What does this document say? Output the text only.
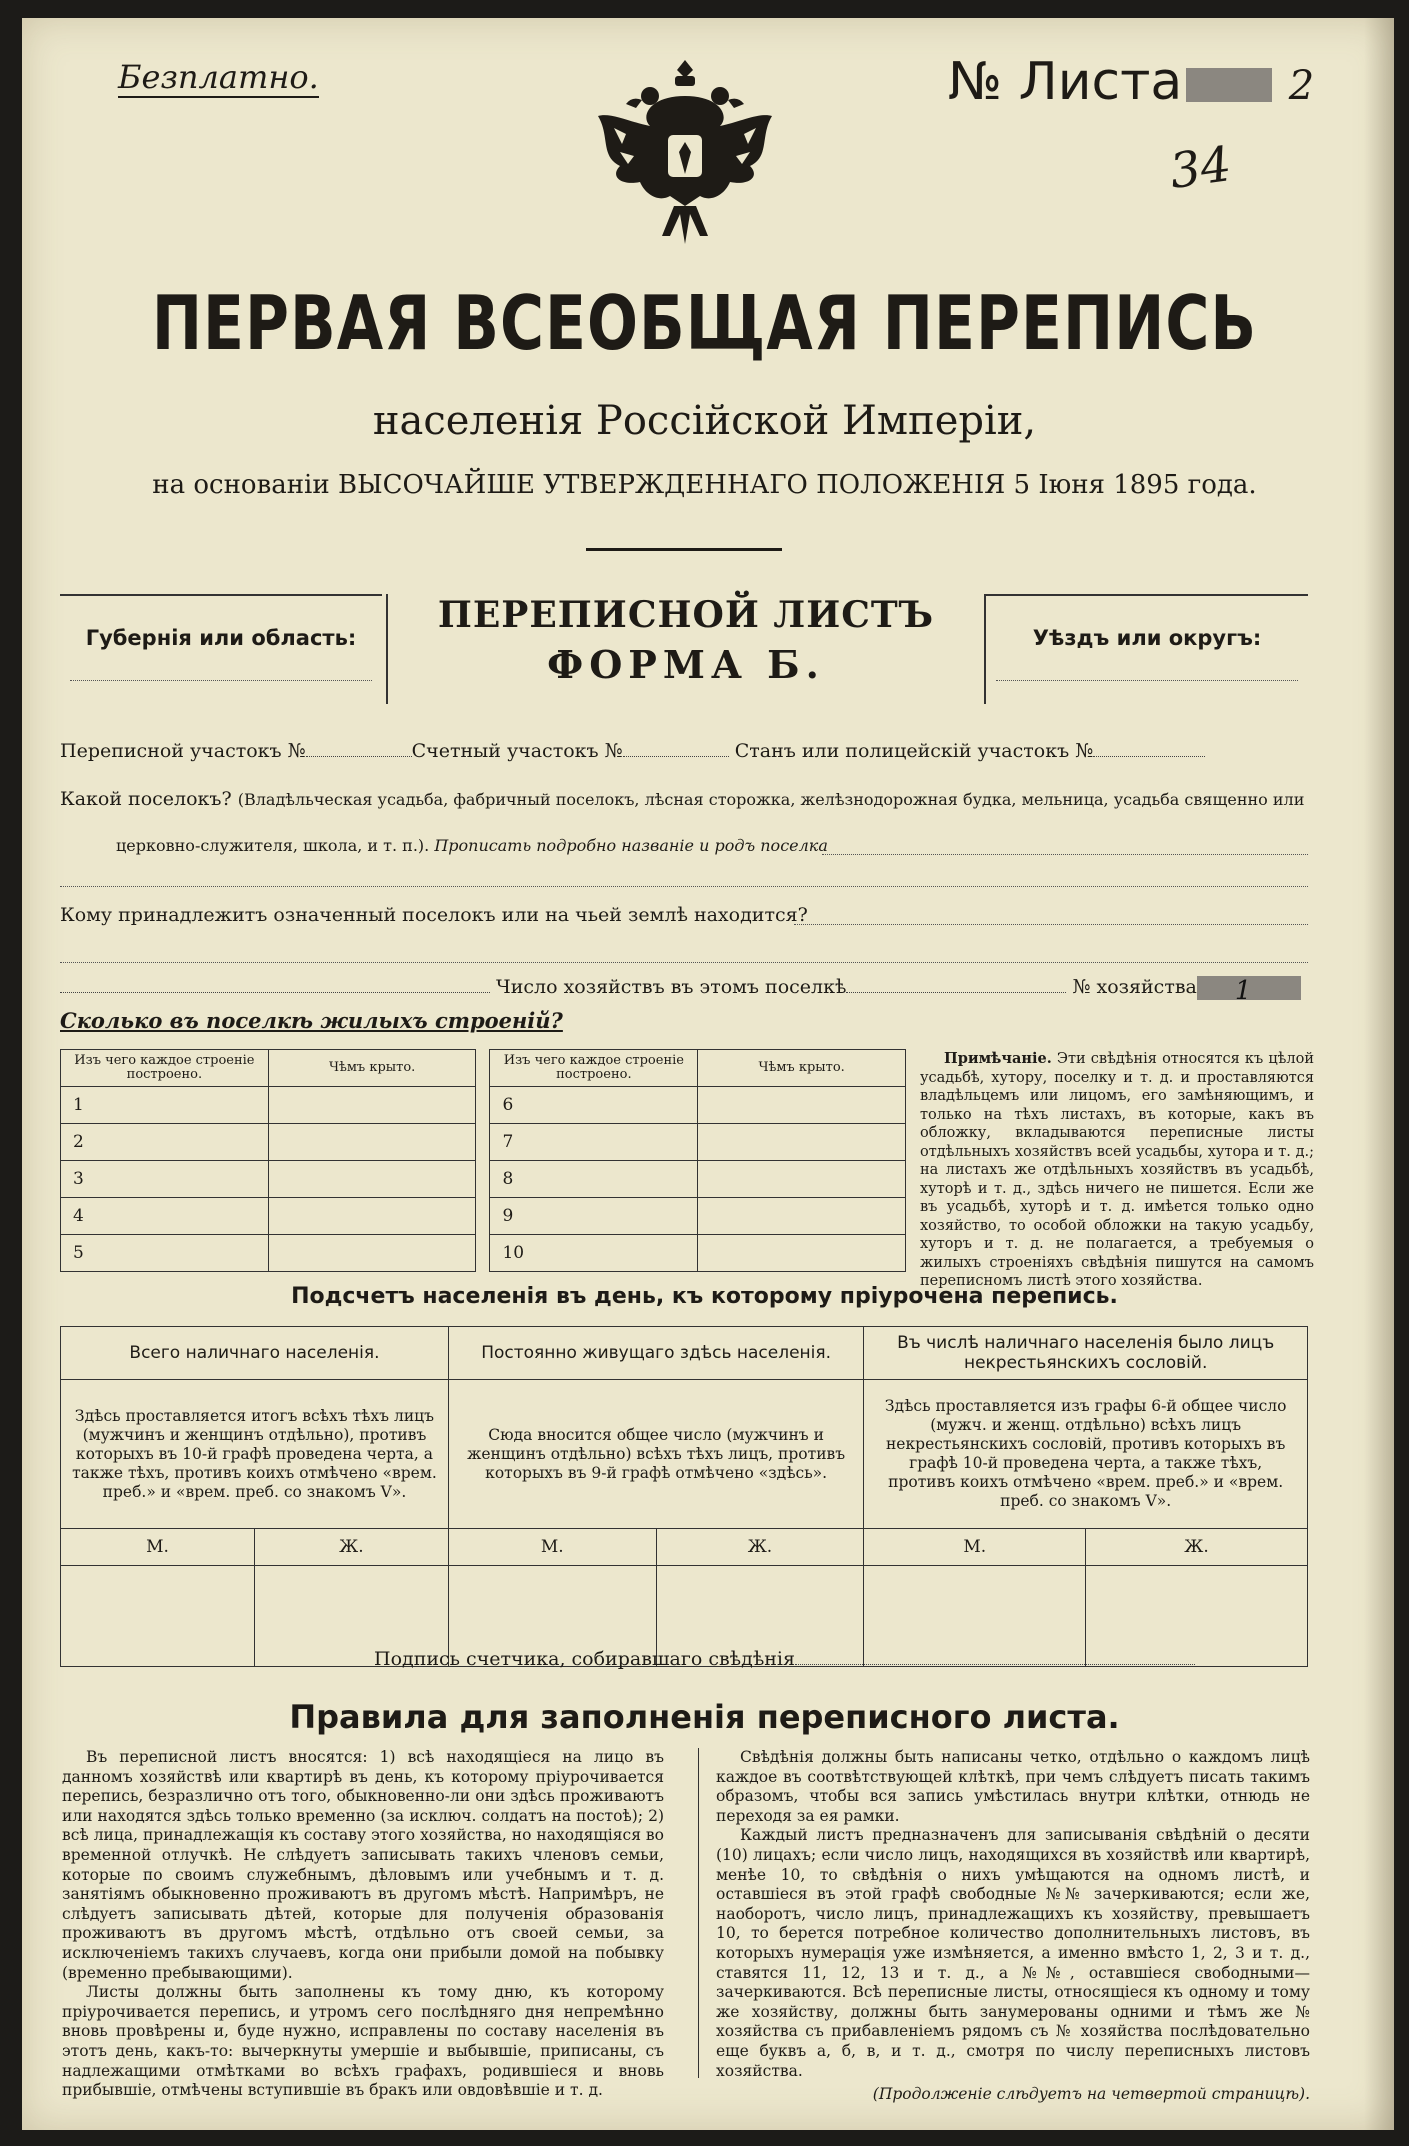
Безплатно.	№ Листа	2
34
ПЕРВАЯ ВСЕОБЩАЯ ПЕРЕПИСЬ
населенія Россійской Имперіи,
на основаніи ВЫСОЧАЙШЕ УТВЕРЖДЕННАГО ПОЛОЖЕНІЯ 5 Іюня 1895 года.
Губернія или область:
ПЕРЕПИСНОЙ ЛИСТЪ
ФОРМА Б.
Уѣздъ или округъ:
Переписной участокъ №	Счетный участокъ №	Станъ или полицейскій участокъ №
Какой поселокъ? (Владѣльческая усадьба, фабричный поселокъ, лѣсная сторожка, желѣзнодорожная будка, мельница, усадьба священно или
церковно-служителя, школа, и т. п.). Прописать подробно названіе и родъ поселка
Кому принадлежитъ означенный поселокъ или на чьей землѣ находится?
Число хозяйствъ въ этомъ поселкѣ	№ хозяйства 1
Сколько въ поселкѣ жилыхъ строеній?
Изъ чего каждое строеніе построено.	Чѣмъ крыто.		Изъ чего каждое строеніе построено.	Чѣмъ крыто.
1			6	
2			7	
3			8	
4			9	
5			10	
Примѣчаніе. Эти свѣдѣнія относятся къ цѣлой усадьбѣ, хутору, поселку и т. д. и проставляются владѣльцемъ или лицомъ, его замѣняющимъ, и только на тѣхъ листахъ, въ которые, какъ въ обложку, вкладываются переписные листы отдѣльныхъ хозяйствъ всей усадьбы, хутора и т. д.; на листахъ же отдѣльныхъ хозяйствъ въ усадьбѣ, хуторѣ и т. д., здѣсь ничего не пишется. Если же въ усадьбѣ, хуторѣ и т. д. имѣется только одно хозяйство, то особой обложки на такую усадьбу, хуторъ и т. д. не полагается, а требуемыя о жилыхъ строеніяхъ свѣдѣнія пишутся на самомъ переписномъ листѣ этого хозяйства.
Подсчетъ населенія въ день, къ которому пріурочена перепись.
Всего наличнаго населенія.		Постоянно живущаго здѣсь населенія.		Въ числѣ наличнаго населенія было лицъ некрестьянскихъ сословій.	
Здѣсь проставляется итогъ всѣхъ тѣхъ лицъ (мужчинъ и женщинъ отдѣльно), противъ которыхъ въ 10-й графѣ проведена черта, а также тѣхъ, противъ коихъ отмѣчено «врем. преб.» и «врем. преб. со знакомъ V».		Сюда вносится общее число (мужчинъ и женщинъ отдѣльно) всѣхъ тѣхъ лицъ, противъ которыхъ въ 9-й графѣ отмѣчено «здѣсь».		Здѣсь проставляется изъ графы 6-й общее число (мужч. и женщ. отдѣльно) всѣхъ лицъ некрестьянскихъ сословій, противъ которыхъ въ графѣ 10-й проведена черта, а также тѣхъ, противъ коихъ отмѣчено «врем. преб.» и «врем. преб. со знакомъ V».	
М.	Ж.	М.	Ж.	М.	Ж.

Подпись счетчика, собиравшаго свѣдѣнія
Правила для заполненія переписного листа.

Въ переписной листъ вносятся: 1) всѣ находящіеся на лицо въ данномъ хозяйствѣ или квартирѣ въ день, къ которому пріурочивается перепись, безразлично отъ того, обыкновенно-ли они здѣсь проживаютъ или находятся здѣсь только временно (за исключ. солдатъ на постоѣ); 2) всѣ лица, принадлежащія къ составу этого хозяйства, но находящіяся во временной отлучкѣ. Не слѣдуетъ записывать такихъ членовъ семьи, которые по своимъ служебнымъ, дѣловымъ или учебнымъ и т. д. занятіямъ обыкновенно проживаютъ въ другомъ мѣстѣ. Напримѣръ, не слѣдуетъ записывать дѣтей, которые для полученія образованія проживаютъ въ другомъ мѣстѣ, отдѣльно отъ своей семьи, за исключеніемъ такихъ случаевъ, когда они прибыли домой на побывку (временно пребывающими).

Листы должны быть заполнены къ тому дню, къ которому пріурочивается перепись, и утромъ сего послѣдняго дня непремѣнно вновь провѣрены и, буде нужно, исправлены по составу населенія въ этотъ день, какъ-то: вычеркнуты умершіе и выбывшіе, приписаны, съ надлежащими отмѣтками во всѣхъ графахъ, родившіеся и вновь прибывшіе, отмѣчены вступившіе въ бракъ или овдовѣвшіе и т. д.

Свѣдѣнія должны быть написаны четко, отдѣльно о каждомъ лицѣ каждое въ соотвѣтствующей клѣткѣ, при чемъ слѣдуетъ писать такимъ образомъ, чтобы вся запись умѣстилась внутри клѣтки, отнюдь не переходя за ея рамки.

Каждый листъ предназначенъ для записыванія свѣдѣній о десяти (10) лицахъ; если число лицъ, находящихся въ хозяйствѣ или квартирѣ, менѣе 10, то свѣдѣнія о нихъ умѣщаются на одномъ листѣ, и оставшіеся въ этой графѣ свободные №№ зачеркиваются; если же, наоборотъ, число лицъ, принадлежащихъ къ хозяйству, превышаетъ 10, то берется потребное количество дополнительныхъ листовъ, въ которыхъ нумерація уже измѣняется, а именно вмѣсто 1, 2, 3 и т. д., ставятся 11, 12, 13 и т. д., а №№, оставшіеся свободными—зачеркиваются. Всѣ переписные листы, относящіеся къ одному и тому же хозяйству, должны быть занумерованы одними и тѣмъ же № хозяйства съ прибавленіемъ рядомъ съ № хозяйства послѣдовательно еще буквъ а, б, в, и т. д., смотря по числу переписныхъ листовъ хозяйства.

(Продолженіе слѣдуетъ на четвертой страницѣ).
